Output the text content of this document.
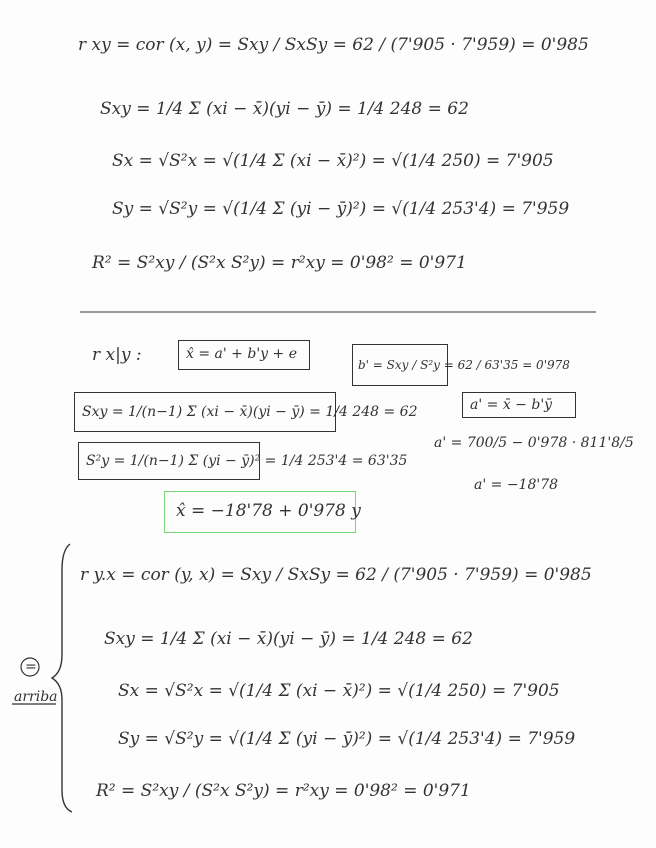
r xy = cor (x, y) = Sxy / SxSy = 62 / (7'905 · 7'959) = 0'985
Sxy = 1/4 Σ (xi − x̄)(yi − ȳ) = 1/4 248 = 62
Sx = √S²x = √(1/4 Σ (xi − x̄)²) = √(1/4 250) = 7'905
Sy = √S²y = √(1/4 Σ (yi − ȳ)²) = √(1/4 253'4) = 7'959
R² = S²xy / (S²x S²y) = r²xy = 0'98² = 0'971
r x|y :	x̂ = a' + b'y + e
b' = Sxy / S²y = 62 / 63'35 = 0'978
Sxy = 1/(n−1) Σ (xi − x̄)(yi − ȳ) = 1/4 248 = 62	a' = x̄ − b'ȳ
S²y = 1/(n−1) Σ (yi − ȳ)² = 1/4 253'4 = 63'35
a' = 700/5 − 0'978 · 811'8/5
a' = −18'78
x̂ = −18'78 + 0'978 y
=
arriba
r y.x = cor (y, x) = Sxy / SxSy = 62 / (7'905 · 7'959) = 0'985
Sxy = 1/4 Σ (xi − x̄)(yi − ȳ) = 1/4 248 = 62
Sx = √S²x = √(1/4 Σ (xi − x̄)²) = √(1/4 250) = 7'905
Sy = √S²y = √(1/4 Σ (yi − ȳ)²) = √(1/4 253'4) = 7'959
R² = S²xy / (S²x S²y) = r²xy = 0'98² = 0'971
